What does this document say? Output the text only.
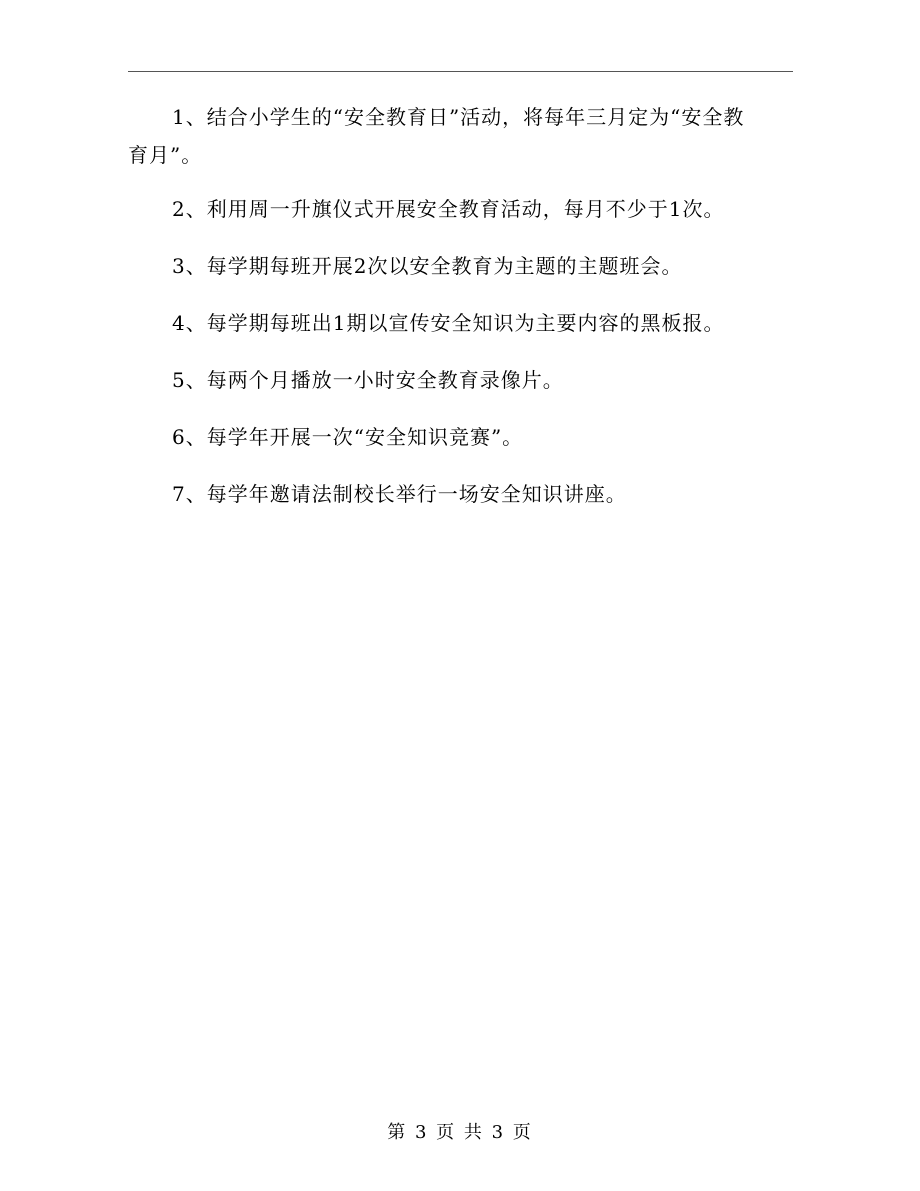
1、结合小学生的“安全教育日”活动，将每年三月定为“安全教
育月”。

2、利用周一升旗仪式开展安全教育活动，每月不少于1次。

3、每学期每班开展2次以安全教育为主题的主题班会。

4、每学期每班出1期以宣传安全知识为主要内容的黑板报。

5、每两个月播放一小时安全教育录像片。

6、每学年开展一次“安全知识竞赛”。

7、每学年邀请法制校长举行一场安全知识讲座。

第 3 页 共 3 页
